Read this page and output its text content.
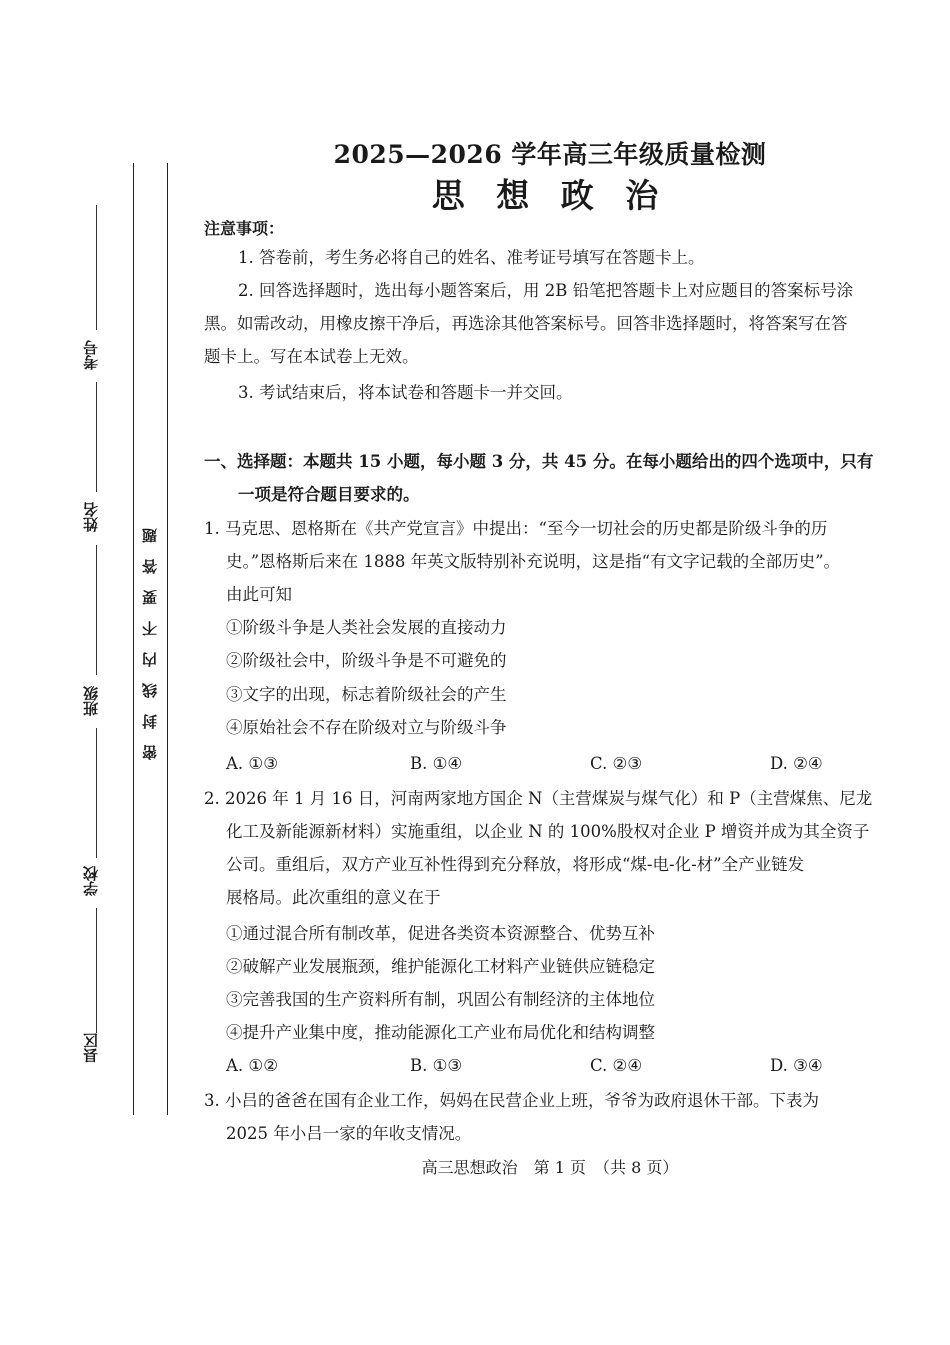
考号
姓名
班级
学校
县区
密封线内不要答题
2025—2026 学年高三年级质量检测
思 想 政 治
注意事项：
1. 答卷前，考生务必将自己的姓名、准考证号填写在答题卡上。
2. 回答选择题时，选出每小题答案后，用 2B 铅笔把答题卡上对应题目的答案标号涂
黑。如需改动，用橡皮擦干净后，再选涂其他答案标号。回答非选择题时，将答案写在答
题卡上。写在本试卷上无效。
3. 考试结束后，将本试卷和答题卡一并交回。
一、选择题：本题共 15 小题，每小题 3 分，共 45 分。在每小题给出的四个选项中，只有
一项是符合题目要求的。
1. 马克思、恩格斯在《共产党宣言》中提出：“至今一切社会的历史都是阶级斗争的历
史。”恩格斯后来在 1888 年英文版特别补充说明，这是指“有文字记载的全部历史”。
由此可知
①阶级斗争是人类社会发展的直接动力
②阶级社会中，阶级斗争是不可避免的
③文字的出现，标志着阶级社会的产生
④原始社会不存在阶级对立与阶级斗争
A. ①③	B. ①④	C. ②③	D. ②④
2. 2026 年 1 月 16 日，河南两家地方国企 N（主营煤炭与煤气化）和 P（主营煤焦、尼龙
化工及新能源新材料）实施重组，以企业 N 的 100%股权对企业 P 增资并成为其全资子
公司。重组后，双方产业互补性得到充分释放，将形成“煤-电-化-材”全产业链发
展格局。此次重组的意义在于
①通过混合所有制改革，促进各类资本资源整合、优势互补
②破解产业发展瓶颈，维护能源化工材料产业链供应链稳定
③完善我国的生产资料所有制，巩固公有制经济的主体地位
④提升产业集中度，推动能源化工产业布局优化和结构调整
A. ①②	B. ①③	C. ②④	D. ③④
3. 小吕的爸爸在国有企业工作，妈妈在民营企业上班，爷爷为政府退休干部。下表为
2025 年小吕一家的年收支情况。
高三思想政治　第 1 页　（共 8 页）
